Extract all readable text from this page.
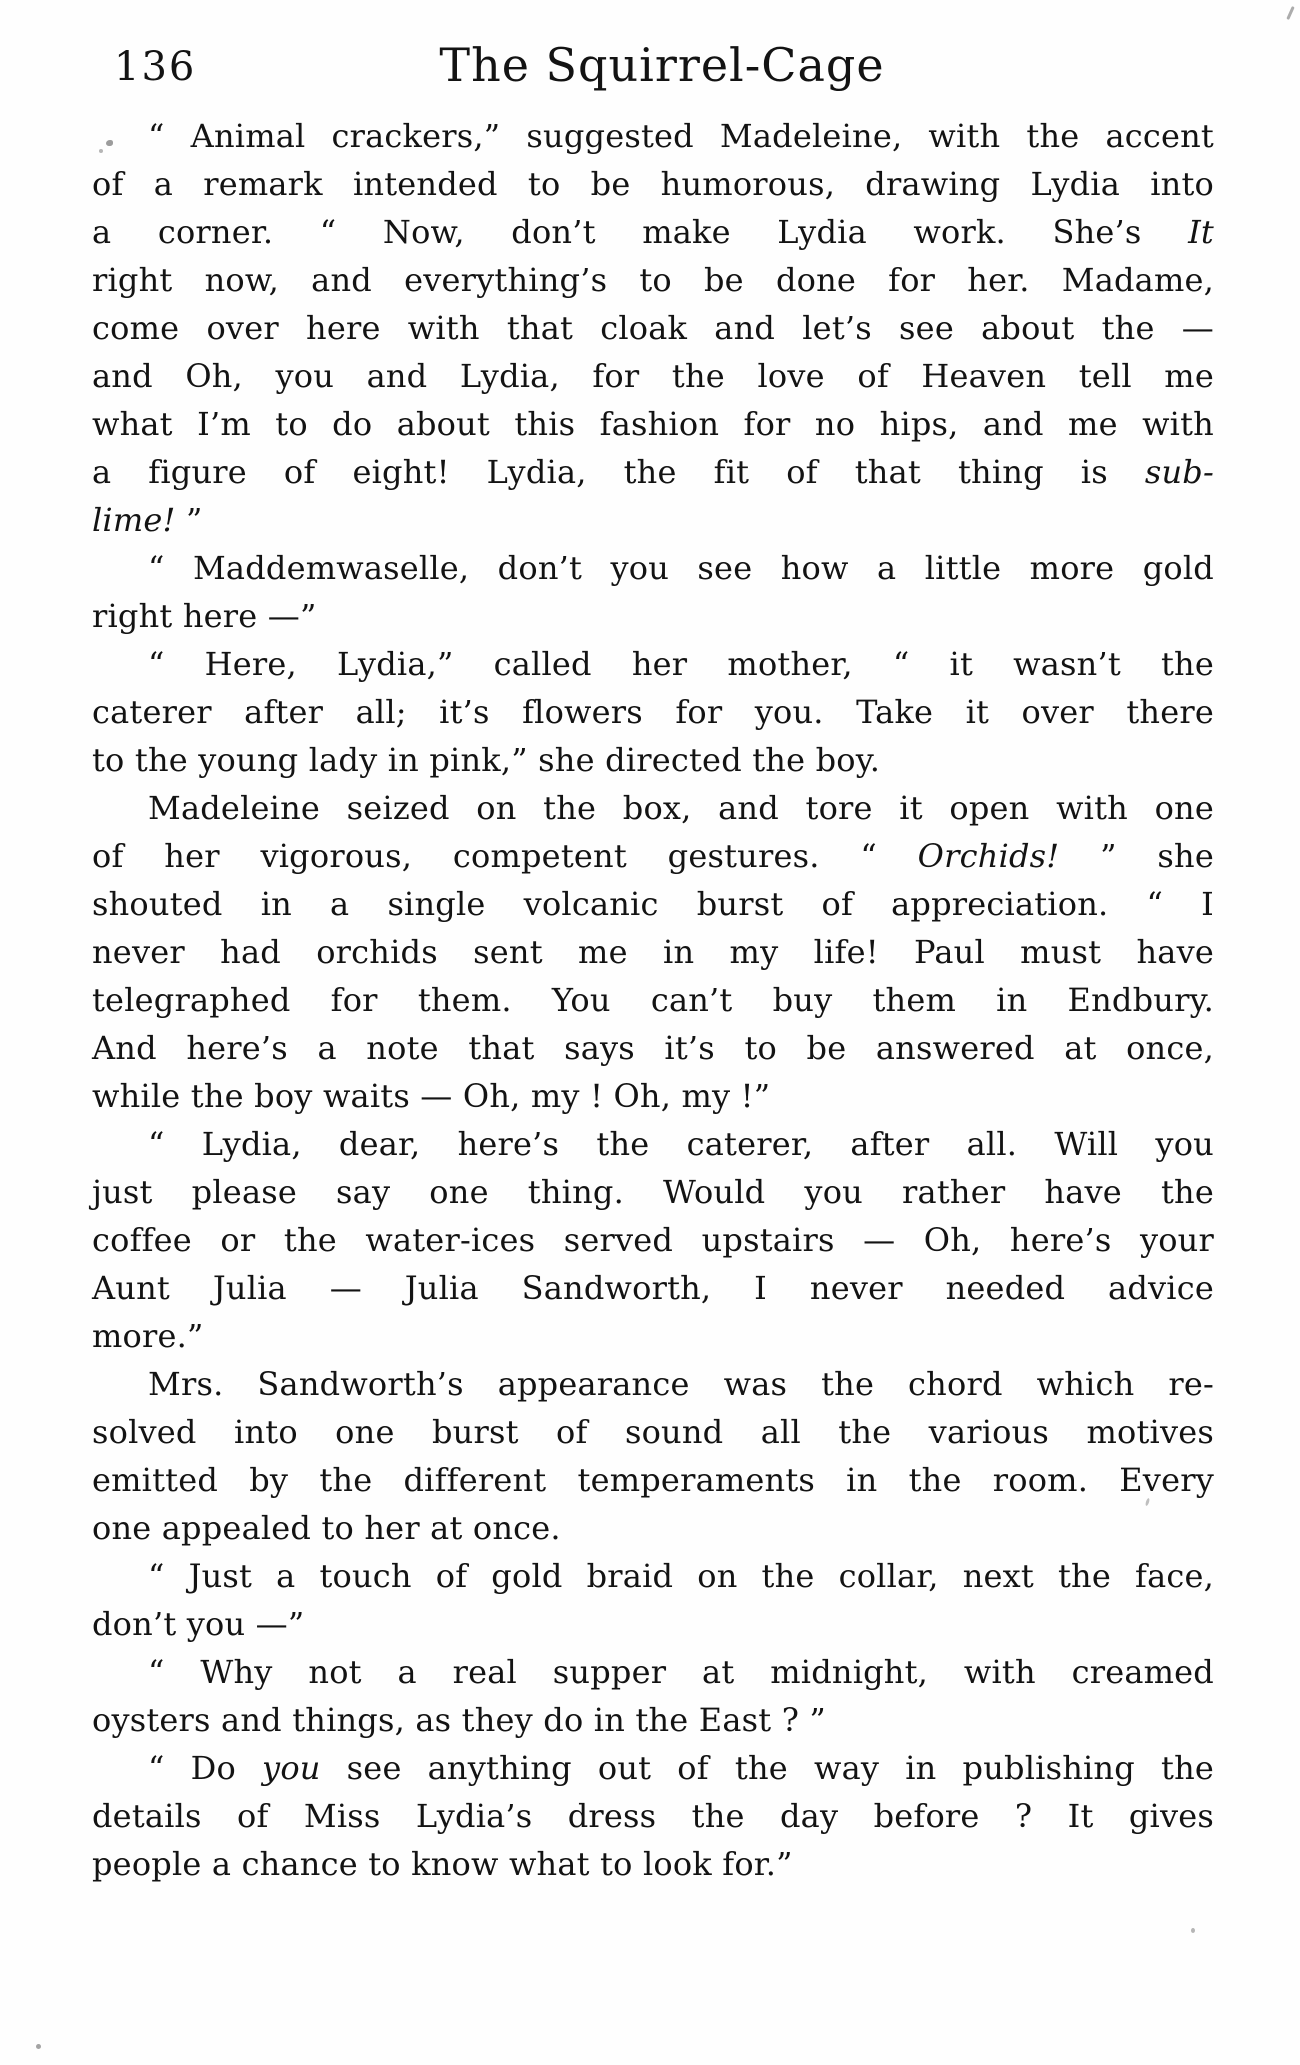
136	The Squirrel-Cage
“ Animal crackers,” suggested Madeleine, with the accent
of a remark intended to be humorous, drawing Lydia into
a corner. “ Now, don’t make Lydia work. She’s It
right now, and everything’s to be done for her. Madame,
come over here with that cloak and let’s see about the —
and Oh, you and Lydia, for the love of Heaven tell me
what I’m to do about this fashion for no hips, and me with
a figure of eight! Lydia, the fit of that thing is sub-
lime! ”
“ Maddemwaselle, don’t you see how a little more gold
right here —”
“ Here, Lydia,” called her mother, “ it wasn’t the
caterer after all; it’s flowers for you. Take it over there
to the young lady in pink,” she directed the boy.
Madeleine seized on the box, and tore it open with one
of her vigorous, competent gestures. “ Orchids! ” she
shouted in a single volcanic burst of appreciation. “ I
never had orchids sent me in my life! Paul must have
telegraphed for them. You can’t buy them in Endbury.
And here’s a note that says it’s to be answered at once,
while the boy waits — Oh, my ! Oh, my !”
“ Lydia, dear, here’s the caterer, after all. Will you
just please say one thing. Would you rather have the
coffee or the water-ices served upstairs — Oh, here’s your
Aunt Julia — Julia Sandworth, I never needed advice
more.”
Mrs. Sandworth’s appearance was the chord which re-
solved into one burst of sound all the various motives
emitted by the different temperaments in the room. Every
one appealed to her at once.
“ Just a touch of gold braid on the collar, next the face,
don’t you —”
“ Why not a real supper at midnight, with creamed
oysters and things, as they do in the East ? ”
“ Do you see anything out of the way in publishing the
details of Miss Lydia’s dress the day before ? It gives
people a chance to know what to look for.”
